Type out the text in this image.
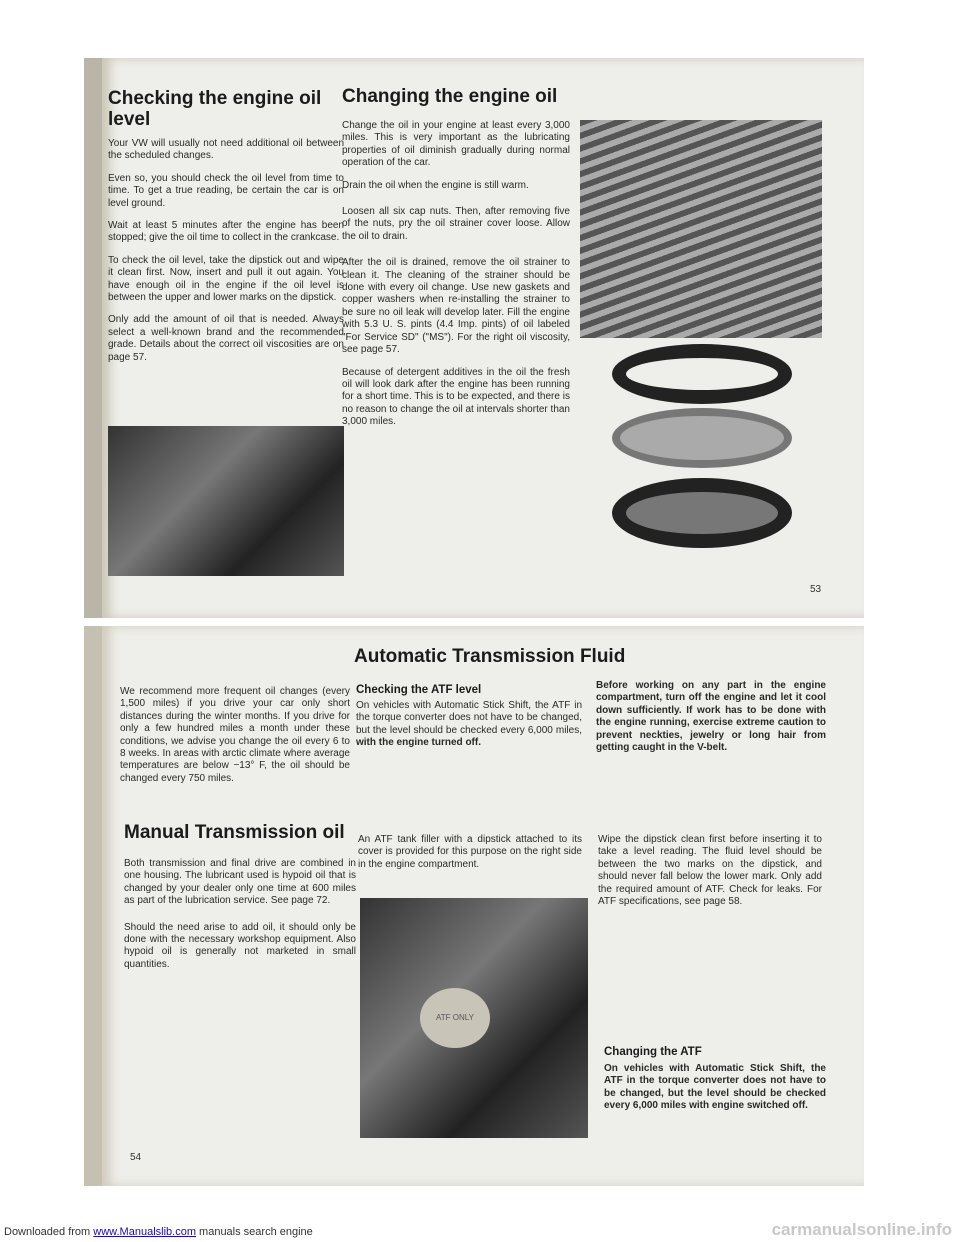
Checking the engine oil level

Your VW will usually not need additional oil between the scheduled changes.

Even so, you should check the oil level from time to time. To get a true reading, be certain the car is on level ground.

Wait at least 5 minutes after the engine has been stopped; give the oil time to collect in the crankcase.

To check the oil level, take the dipstick out and wipe it clean first. Now, insert and pull it out again. You have enough oil in the engine if the oil level is between the upper and lower marks on the dipstick.

Only add the amount of oil that is needed. Always select a well-known brand and the recommended grade. Details about the correct oil viscosities are on page 57.

Changing the engine oil

Change the oil in your engine at least every 3,000 miles. This is very important as the lubricating properties of oil diminish gradually during normal operation of the car.

Drain the oil when the engine is still warm.

Loosen all six cap nuts. Then, after removing five of the nuts, pry the oil strainer cover loose. Allow the oil to drain.

After the oil is drained, remove the oil strainer to clean it. The cleaning of the strainer should be done with every oil change. Use new gaskets and copper washers when re-installing the strainer to be sure no oil leak will develop later. Fill the engine with 5.3 U. S. pints (4.4 Imp. pints) of oil labeled "For Service SD" ("MS"). For the right oil viscosity, see page 57.

Because of detergent additives in the oil the fresh oil will look dark after the engine has been running for a short time. This is to be expected, and there is no reason to change the oil at intervals shorter than 3,000 miles.

53

We recommend more frequent oil changes (every 1,500 miles) if you drive your car only short distances during the winter months. If you drive for only a few hundred miles a month under these conditions, we advise you change the oil every 6 to 8 weeks. In areas with arctic climate where average temperatures are below −13° F, the oil should be changed every 750 miles.

Manual Transmission oil

Both transmission and final drive are combined in one housing. The lubricant used is hypoid oil that is changed by your dealer only one time at 600 miles as part of the lubrication service. See page 72.

Should the need arise to add oil, it should only be done with the necessary workshop equipment. Also hypoid oil is generally not marketed in small quantities.

Automatic Transmission Fluid
Checking the ATF level

On vehicles with Automatic Stick Shift, the ATF in the torque converter does not have to be changed, but the level should be checked every 6,000 miles, with the engine turned off.

Before working on any part in the engine compartment, turn off the engine and let it cool down sufficiently. If work has to be done with the engine running, exercise extreme caution to prevent neckties, jewelry or long hair from getting caught in the V-belt.

An ATF tank filler with a dipstick attached to its cover is provided for this purpose on the right side in the engine compartment.

Wipe the dipstick clean first before inserting it to take a level reading. The fluid level should be between the two marks on the dipstick, and should never fall below the lower mark. Only add the required amount of ATF. Check for leaks. For ATF specifications, see page 58.

ATF ONLY
Changing the ATF

On vehicles with Automatic Stick Shift, the ATF in the torque converter does not have to be changed, but the level should be checked every 6,000 miles with engine switched off.

54
Downloaded from www.Manualslib.com manuals search engine	carmanualsonline.info
